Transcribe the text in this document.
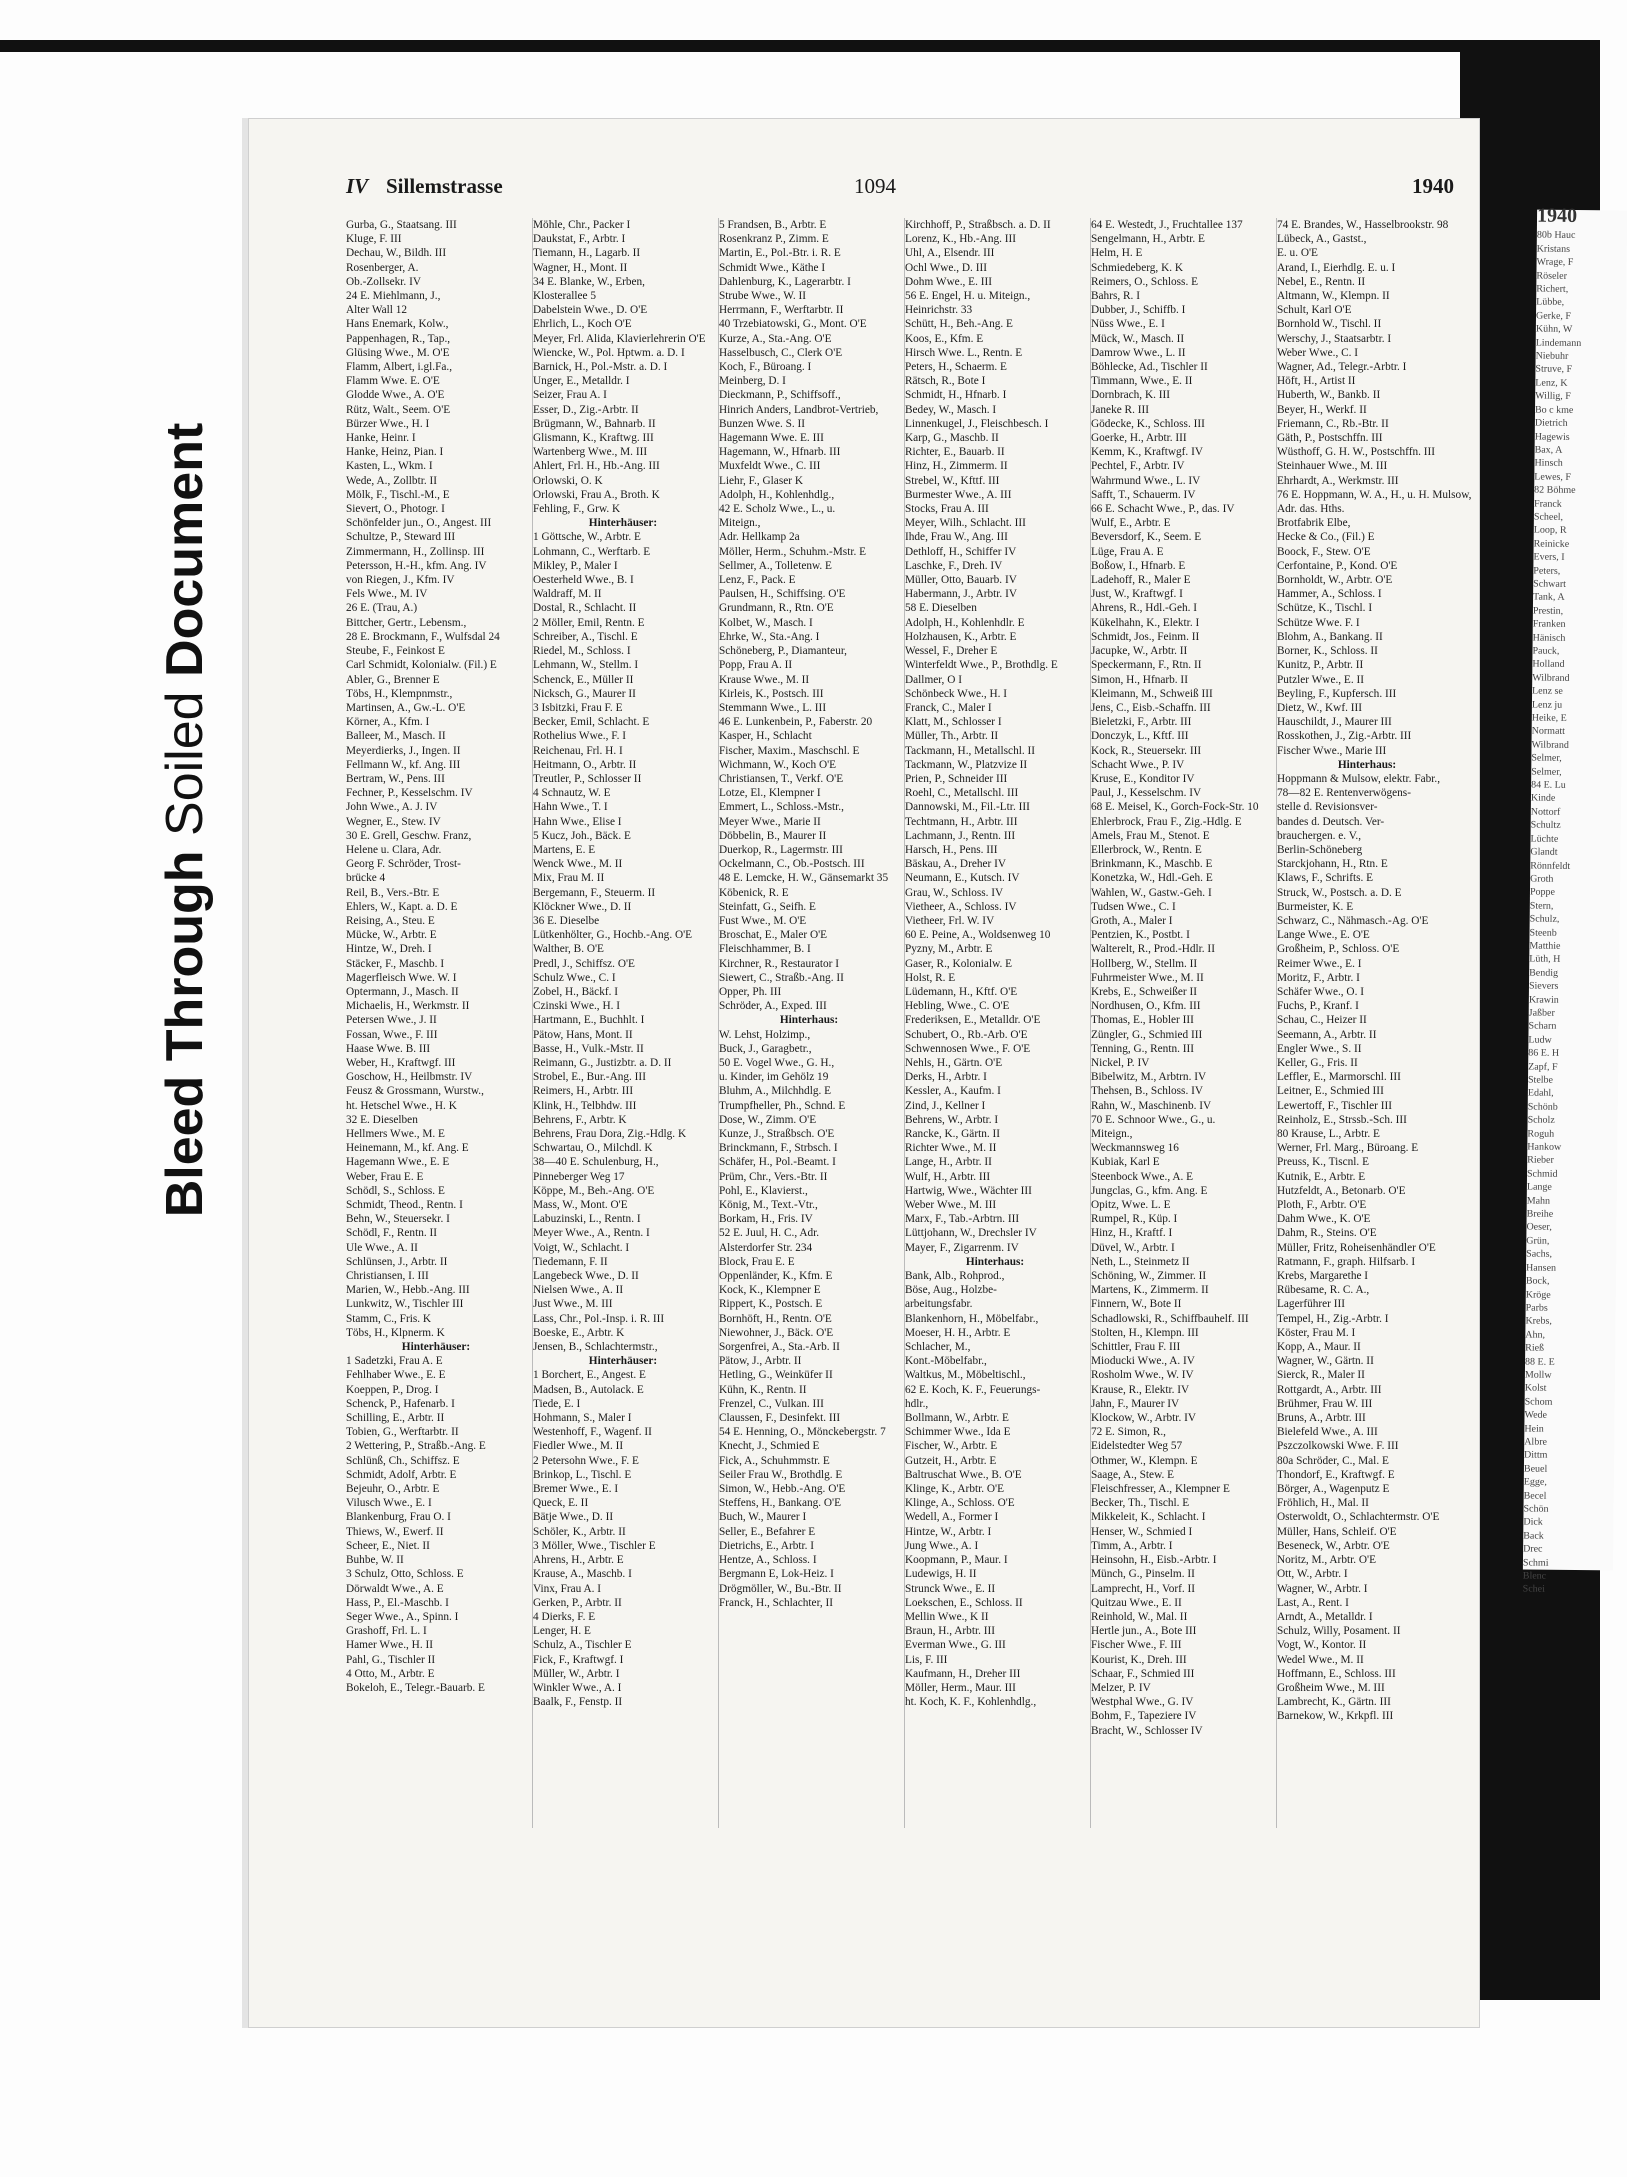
Bleed Through Soiled Document
IV Sillemstrasse	1094	1940
Gurba, G., Staatsang. III
Kluge, F. III
Dechau, W., Bildh. III
Rosenberger, A.
Ob.-Zollsekr. IV
24 E. Miehlmann, J.,
Alter Wall 12
Hans Enemark, Kolw.,
Pappenhagen, R., Tap.,
Glüsing Wwe., M. O'E
Flamm, Albert, i.gl.Fa.,
Flamm Wwe. E. O'E
Glodde Wwe., A. O'E
Rütz, Walt., Seem. O'E
Bürzer Wwe., H. I
Hanke, Heinr. I
Hanke, Heinz, Pian. I
Kasten, L., Wkm. I
Wede, A., Zollbtr. II
Mölk, F., Tischl.-M., E
Sievert, O., Photogr. I
Schönfelder jun., O., Angest. III
Schultze, P., Steward III
Zimmermann, H., Zollinsp. III
Petersson, H.-H., kfm. Ang. IV
von Riegen, J., Kfm. IV
Fels Wwe., M. IV
26 E. (Trau, A.)
Bittcher, Gertr., Lebensm.,
28 E. Brockmann, F., Wulfsdal 24
Steube, F., Feinkost E
Carl Schmidt, Kolonialw. (Fil.) E
Abler, G., Brenner E
Töbs, H., Klempnmstr.,
Martinsen, A., Gw.-L. O'E
Körner, A., Kfm. I
Balleer, M., Masch. II
Meyerdierks, J., Ingen. II
Fellmann W., kf. Ang. III
Bertram, W., Pens. III
Fechner, P., Kesselschm. IV
John Wwe., A. J. IV
Wegner, E., Stew. IV
30 E. Grell, Geschw. Franz,
Helene u. Clara, Adr.
Georg F. Schröder, Trost-
brücke 4
Reil, B., Vers.-Btr. E
Ehlers, W., Kapt. a. D. E
Reising, A., Steu. E
Mücke, W., Arbtr. E
Hintze, W., Dreh. I
Stäcker, F., Maschb. I
Magerfleisch Wwe. W. I
Optermann, J., Masch. II
Michaelis, H., Werkmstr. II
Petersen Wwe., J. II
Fossan, Wwe., F. III
Haase Wwe. B. III
Weber, H., Kraftwgf. III
Goschow, H., Heilbmstr. IV
Feusz & Grossmann, Wurstw.,
ht. Hetschel Wwe., H. K
32 E. Dieselben
Hellmers Wwe., M. E
Heinemann, M., kf. Ang. E
Hagemann Wwe., E. E
Weber, Frau E. E
Schödl, S., Schloss. E
Schmidt, Theod., Rentn. I
Behn, W., Steuersekr. I
Schödl, F., Rentn. II
Ule Wwe., A. II
Schlünsen, J., Arbtr. II
Christiansen, I. III
Marien, W., Hebb.-Ang. III
Lunkwitz, W., Tischler III
Stamm, C., Fris. K
Töbs, H., Klpnerm. K
Hinterhäuser:
1 Sadetzki, Frau A. E
Fehlhaber Wwe., E. E
Koeppen, P., Drog. I
Schenck, P., Hafenarb. I
Schilling, E., Arbtr. II
Tobien, G., Werftarbtr. II
2 Wettering, P., Straßb.-Ang. E
Schlünß, Ch., Schiffsz. E
Schmidt, Adolf, Arbtr. E
Bejeuhr, O., Arbtr. E
Vilusch Wwe., E. I
Blankenburg, Frau O. I
Thiews, W., Ewerf. II
Scheer, E., Niet. II
Buhbe, W. II
3 Schulz, Otto, Schloss. E
Dörwaldt Wwe., A. E
Hass, P., El.-Maschb. I
Seger Wwe., A., Spinn. I
Grashoff, Frl. L. I
Hamer Wwe., H. II
Pahl, G., Tischler II
4 Otto, M., Arbtr. E
Bokeloh, E., Telegr.-Bauarb. E
Möhle, Chr., Packer I
Daukstat, F., Arbtr. I
Tiemann, H., Lagarb. II
Wagner, H., Mont. II
34 E. Blanke, W., Erben,
Klosterallee 5
Dabelstein Wwe., D. O'E
Ehrlich, L., Koch O'E
Meyer, Frl. Alida, Klavierlehrerin O'E
Wiencke, W., Pol. Hptwm. a. D. I
Barnick, H., Pol.-Mstr. a. D. I
Unger, E., Metalldr. I
Seizer, Frau A. I
Esser, D., Zig.-Arbtr. II
Brügmann, W., Bahnarb. II
Glismann, K., Kraftwg. III
Wartenberg Wwe., M. III
Ahlert, Frl. H., Hb.-Ang. III
Orlowski, O. K
Orlowski, Frau A., Broth. K
Fehling, F., Grw. K
Hinterhäuser:
1 Göttsche, W., Arbtr. E
Lohmann, C., Werftarb. E
Mikley, P., Maler I
Oesterheld Wwe., B. I
Waldraff, M. II
Dostal, R., Schlacht. II
2 Möller, Emil, Rentn. E
Schreiber, A., Tischl. E
Riedel, M., Schloss. I
Lehmann, W., Stellm. I
Schenck, E., Müller II
Nicksch, G., Maurer II
3 Isbitzki, Frau F. E
Becker, Emil, Schlacht. E
Rothelius Wwe., F. I
Reichenau, Frl. H. I
Heitmann, O., Arbtr. II
Treutler, P., Schlosser II
4 Schnautz, W. E
Hahn Wwe., T. I
Hahn Wwe., Elise I
5 Kucz, Joh., Bäck. E
Martens, E. E
Wenck Wwe., M. II
Mix, Frau M. II
Bergemann, F., Steuerm. II
Klöckner Wwe., D. II
36 E. Dieselbe
Lütkenhölter, G., Hochb.-Ang. O'E
Walther, B. O'E
Predl, J., Schiffsz. O'E
Schulz Wwe., C. I
Zobel, H., Bäckf. I
Czinski Wwe., H. I
Hartmann, E., Buchhlt. I
Pätow, Hans, Mont. II
Basse, H., Vulk.-Mstr. II
Reimann, G., Justizbtr. a. D. II
Strobel, E., Bur.-Ang. III
Reimers, H., Arbtr. III
Klink, H., Telbhdw. III
Behrens, F., Arbtr. K
Behrens, Frau Dora, Zig.-Hdlg. K
Schwartau, O., Milchdl. K
38—40 E. Schulenburg, H.,
Pinneberger Weg 17
Köppe, M., Beh.-Ang. O'E
Mass, W., Mont. O'E
Labuzinski, L., Rentn. I
Meyer Wwe., A., Rentn. I
Voigt, W., Schlacht. I
Tiedemann, F. II
Langebeck Wwe., D. II
Nielsen Wwe., A. II
Just Wwe., M. III
Lass, Chr., Pol.-Insp. i. R. III
Boeske, E., Arbtr. K
Jensen, B., Schlachtermstr.,
Hinterhäuser:
1 Borchert, E., Angest. E
Madsen, B., Autolack. E
Tiede, E. I
Hohmann, S., Maler I
Westenhoff, F., Wagenf. II
Fiedler Wwe., M. II
2 Petersohn Wwe., F. E
Brinkop, L., Tischl. E
Bremer Wwe., E. I
Queck, E. II
Bätje Wwe., D. II
Schöler, K., Arbtr. II
3 Möller, Wwe., Tischler E
Ahrens, H., Arbtr. E
Krause, A., Maschb. I
Vinx, Frau A. I
Gerken, P., Arbtr. II
4 Dierks, F. E
Lenger, H. E
Schulz, A., Tischler E
Fick, F., Kraftwgf. I
Müller, W., Arbtr. I
Winkler Wwe., A. I
Baalk, F., Fenstp. II
5 Frandsen, B., Arbtr. E
Rosenkranz P., Zimm. E
Martin, E., Pol.-Btr. i. R. E
Schmidt Wwe., Käthe I
Dahlenburg, K., Lagerarbtr. I
Strube Wwe., W. II
Herrmann, F., Werftarbtr. II
40 Trzebiatowski, G., Mont. O'E
Kurze, A., Sta.-Ang. O'E
Hasselbusch, C., Clerk O'E
Koch, F., Büroang. I
Meinberg, D. I
Dieckmann, P., Schiffsoff.,
Hinrich Anders, Landbrot-Vertrieb,
Bunzen Wwe. S. II
Hagemann Wwe. E. III
Hagemann, W., Hfnarb. III
Muxfeldt Wwe., C. III
Liehr, F., Glaser K
Adolph, H., Kohlenhdlg.,
42 E. Scholz Wwe., L., u.
Miteign.,
Adr. Hellkamp 2a
Möller, Herm., Schuhm.-Mstr. E
Sellmer, A., Tolletenw. E
Lenz, F., Pack. E
Paulsen, H., Schiffsing. O'E
Grundmann, R., Rtn. O'E
Kolbet, W., Masch. I
Ehrke, W., Sta.-Ang. I
Schöneberg, P., Diamanteur,
Popp, Frau A. II
Krause Wwe., M. II
Kirleis, K., Postsch. III
Stemmann Wwe., L. III
46 E. Lunkenbein, P., Faberstr. 20
Kasper, H., Schlacht
Fischer, Maxim., Maschschl. E
Wichmann, W., Koch O'E
Christiansen, T., Verkf. O'E
Lotze, El., Klempner I
Emmert, L., Schloss.-Mstr.,
Meyer Wwe., Marie II
Döbbelin, B., Maurer II
Duerkop, R., Lagermstr. III
Ockelmann, C., Ob.-Postsch. III
48 E. Lemcke, H. W., Gänsemarkt 35
Köbenick, R. E
Steinfatt, G., Seifh. E
Fust Wwe., M. O'E
Broschat, E., Maler O'E
Fleischhammer, B. I
Kirchner, R., Restaurator I
Siewert, C., Straßb.-Ang. II
Opper, Ph. III
Schröder, A., Exped. III
Hinterhaus:
W. Lehst, Holzimp.,
Buck, J., Garagbetr.,
50 E. Vogel Wwe., G. H.,
u. Kinder, im Gehölz 19
Bluhm, A., Milchhdlg. E
Trumpfheller, Ph., Schnd. E
Dose, W., Zimm. O'E
Kunze, J., Straßbsch. O'E
Brinckmann, F., Strbsch. I
Schäfer, H., Pol.-Beamt. I
Prüm, Chr., Vers.-Btr. II
Pohl, E., Klavierst.,
König, M., Text.-Vtr.,
Borkam, H., Fris. IV
52 E. Juul, H. C., Adr.
Alsterdorfer Str. 234
Block, Frau E. E
Oppenländer, K., Kfm. E
Kock, K., Klempner E
Rippert, K., Postsch. E
Bornhöft, H., Rentn. O'E
Niewohner, J., Bäck. O'E
Sorgenfrei, A., Sta.-Arb. II
Pätow, J., Arbtr. II
Hetling, G., Weinküfer II
Kühn, K., Rentn. II
Frenzel, C., Vulkan. III
Claussen, F., Desinfekt. III
54 E. Henning, O., Mönckebergstr. 7
Knecht, J., Schmied E
Fick, A., Schuhmmstr. E
Seiler Frau W., Brothdlg. E
Simon, W., Hebb.-Ang. O'E
Steffens, H., Bankang. O'E
Buch, W., Maurer I
Seller, E., Befahrer E
Dietrichs, E., Arbtr. I
Hentze, A., Schloss. I
Bergmann E, Lok-Heiz. I
Drögmöller, W., Bu.-Btr. II
Franck, H., Schlachter, II
Kirchhoff, P., Straßbsch. a. D. II
Lorenz, K., Hb.-Ang. III
Uhl, A., Elsendr. III
Ochl Wwe., D. III
Dohm Wwe., E. III
56 E. Engel, H. u. Miteign.,
Heinrichstr. 33
Schütt, H., Beh.-Ang. E
Koos, E., Kfm. E
Hirsch Wwe. L., Rentn. E
Peters, H., Schaerm. E
Rätsch, R., Bote I
Schmidt, H., Hfnarb. I
Bedey, W., Masch. I
Linnenkugel, J., Fleischbesch. I
Karp, G., Maschb. II
Richter, E., Bauarb. II
Hinz, H., Zimmerm. II
Strebel, W., Kfttf. III
Burmester Wwe., A. III
Stocks, Frau A. III
Meyer, Wilh., Schlacht. III
Ihde, Frau W., Ang. III
Dethloff, H., Schiffer IV
Laschke, F., Dreh. IV
Müller, Otto, Bauarb. IV
Habermann, J., Arbtr. IV
58 E. Dieselben
Adolph, H., Kohlenhdlr. E
Holzhausen, K., Arbtr. E
Wessel, F., Dreher E
Winterfeldt Wwe., P., Brothdlg. E
Dallmer, O I
Schönbeck Wwe., H. I
Franck, C., Maler I
Klatt, M., Schlosser I
Müller, Th., Arbtr. II
Tackmann, H., Metallschl. II
Tackmann, W., Platzvize II
Prien, P., Schneider III
Roehl, C., Metallschl. III
Dannowski, M., Fil.-Ltr. III
Techtmann, H., Arbtr. III
Lachmann, J., Rentn. III
Harsch, H., Pens. III
Bäskau, A., Dreher IV
Neumann, E., Kutsch. IV
Grau, W., Schloss. IV
Vietheer, A., Schloss. IV
Vietheer, Frl. W. IV
60 E. Peine, A., Woldsenweg 10
Pyzny, M., Arbtr. E
Gaser, R., Kolonialw. E
Holst, R. E
Lüdemann, H., Kftf. O'E
Hebling, Wwe., C. O'E
Frederiksen, E., Metalldr. O'E
Schubert, O., Rb.-Arb. O'E
Schwennosen Wwe., F. O'E
Nehls, H., Gärtn. O'E
Derks, H., Arbtr. I
Kessler, A., Kaufm. I
Zind, J., Kellner I
Behrens, W., Arbtr. I
Rancke, K., Gärtn. II
Richter Wwe., M. II
Lange, H., Arbtr. II
Wulf, H., Arbtr. III
Hartwig, Wwe., Wächter III
Weber Wwe., M. III
Marx, F., Tab.-Arbtrn. III
Lüttjohann, W., Drechsler IV
Mayer, F., Zigarrenm. IV
Hinterhaus:
Bank, Alb., Rohprod.,
Böse, Aug., Holzbe-
arbeitungsfabr.
Blankenhorn, H., Möbelfabr.,
Moeser, H. H., Arbtr. E
Schlacher, M.,
Kont.-Möbelfabr.,
Waltkus, M., Möbeltischl.,
62 E. Koch, K. F., Feuerungs-
hdlr.,
Bollmann, W., Arbtr. E
Schimmer Wwe., Ida E
Fischer, W., Arbtr. E
Gutzeit, H., Arbtr. E
Baltruschat Wwe., B. O'E
Klinge, K., Arbtr. O'E
Klinge, A., Schloss. O'E
Wedell, A., Former I
Hintze, W., Arbtr. I
Jung Wwe., A. I
Koopmann, P., Maur. I
Ludewigs, H. II
Strunck Wwe., E. II
Loekschen, E., Schloss. II
Mellin Wwe., K II
Braun, H., Arbtr. III
Everman Wwe., G. III
Lis, F. III
Kaufmann, H., Dreher III
Möller, Herm., Maur. III
ht. Koch, K. F., Kohlenhdlg.,
64 E. Westedt, J., Fruchtallee 137
Sengelmann, H., Arbtr. E
Helm, H. E
Schmiedeberg, K. K
Reimers, O., Schloss. E
Bahrs, R. I
Dubber, J., Schiffb. I
Nüss Wwe., E. I
Mück, W., Masch. II
Damrow Wwe., L. II
Böhlecke, Ad., Tischler II
Timmann, Wwe., E. II
Dornbrach, K. III
Janeke R. III
Gödecke, K., Schloss. III
Goerke, H., Arbtr. III
Kemm, K., Kraftwgf. IV
Pechtel, F., Arbtr. IV
Wahrmund Wwe., L. IV
Safft, T., Schauerm. IV
66 E. Schacht Wwe., P., das. IV
Wulf, E., Arbtr. E
Beversdorf, K., Seem. E
Lüge, Frau A. E
Boßow, I., Hfnarb. E
Ladehoff, R., Maler E
Just, W., Kraftwgf. I
Ahrens, R., Hdl.-Geh. I
Kükelhahn, K., Elektr. I
Schmidt, Jos., Feinm. II
Jacupke, W., Arbtr. II
Speckermann, F., Rtn. II
Simon, H., Hfnarb. II
Kleimann, M., Schweiß III
Jens, C., Eisb.-Schaffn. III
Bieletzki, F., Arbtr. III
Donczyk, L., Kftf. III
Kock, R., Steuersekr. III
Schacht Wwe., P. IV
Kruse, E., Konditor IV
Paul, J., Kesselschm. IV
68 E. Meisel, K., Gorch-Fock-Str. 10
Ehlerbrock, Frau F., Zig.-Hdlg. E
Amels, Frau M., Stenot. E
Ellerbrock, W., Rentn. E
Brinkmann, K., Maschb. E
Konetzka, W., Hdl.-Geh. E
Wahlen, W., Gastw.-Geh. I
Tudsen Wwe., C. I
Groth, A., Maler I
Pentzien, K., Postbt. I
Walterelt, R., Prod.-Hdlr. II
Hollberg, W., Stellm. II
Fuhrmeister Wwe., M. II
Krebs, E., Schweißer II
Nordhusen, O., Kfm. III
Thomas, E., Hobler III
Züngler, G., Schmied III
Tenning, G., Rentn. III
Nickel, P. IV
Bibelwitz, M., Arbtrn. IV
Thehsen, B., Schloss. IV
Rahn, W., Maschinenb. IV
70 E. Schnoor Wwe., G., u.
Miteign.,
Weckmannsweg 16
Kubiak, Karl E
Steenbock Wwe., A. E
Jungclas, G., kfm. Ang. E
Opitz, Wwe. L. E
Rumpel, R., Küp. I
Hinz, H., Kraftf. I
Düvel, W., Arbtr. I
Neth, L., Steinmetz II
Schöning, W., Zimmer. II
Martens, K., Zimmerm. II
Finnern, W., Bote II
Schadlowski, R., Schiffbauhelf. III
Stolten, H., Klempn. III
Schittler, Frau F. III
Mioducki Wwe., A. IV
Rosholm Wwe., W. IV
Krause, R., Elektr. IV
Jahn, F., Maurer IV
Klockow, W., Arbtr. IV
72 E. Simon, R.,
Eidelstedter Weg 57
Othmer, W., Klempn. E
Saage, A., Stew. E
Fleischfresser, A., Klempner E
Becker, Th., Tischl. E
Mikkeleit, K., Schlacht. I
Henser, W., Schmied I
Timm, A., Arbtr. I
Heinsohn, H., Eisb.-Arbtr. I
Münch, G., Pinselm. II
Lamprecht, H., Vorf. II
Quitzau Wwe., E. II
Reinhold, W., Mal. II
Hertle jun., A., Bote III
Fischer Wwe., F. III
Kourist, K., Dreh. III
Schaar, F., Schmied III
Melzer, P. IV
Westphal Wwe., G. IV
Bohm, F., Tapeziere IV
Bracht, W., Schlosser IV
74 E. Brandes, W., Hasselbrookstr. 98
Lübeck, A., Gastst.,
E. u. O'E
Arand, I., Eierhdlg. E. u. I
Nebel, E., Rentn. II
Altmann, W., Klempn. II
Schult, Karl O'E
Bornhold W., Tischl. II
Werschy, J., Staatsarbtr. I
Weber Wwe., C. I
Wagner, Ad., Telegr.-Arbtr. I
Höft, H., Artist II
Huberth, W., Bankb. II
Beyer, H., Werkf. II
Friemann, C., Rb.-Btr. II
Gäth, P., Postschffn. III
Wüsthoff, G. H. W., Postschffn. III
Steinhauer Wwe., M. III
Ehrhardt, A., Werkmstr. III
76 E. Hoppmann, W. A., H., u. H. Mulsow,
Adr. das. Hths.
Brotfabrik Elbe,
Hecke & Co., (Fil.) E
Boock, F., Stew. O'E
Cerfontaine, P., Kond. O'E
Bornholdt, W., Arbtr. O'E
Hammer, A., Schloss. I
Schütze, K., Tischl. I
Schütze Wwe. F. I
Blohm, A., Bankang. II
Borner, K., Schloss. II
Kunitz, P., Arbtr. II
Putzler Wwe., E. II
Beyling, F., Kupfersch. III
Dietz, W., Kwf. III
Hauschildt, J., Maurer III
Rosskothen, J., Zig.-Arbtr. III
Fischer Wwe., Marie III
Hinterhaus:
Hoppmann & Mulsow, elektr. Fabr.,
78—82 E. Rentenverwögens-
stelle d. Revisionsver-
bandes d. Deutsch. Ver-
brauchergen. e. V.,
Berlin-Schöneberg
Starckjohann, H., Rtn. E
Klaws, F., Schrifts. E
Struck, W., Postsch. a. D. E
Burmeister, K. E
Schwarz, C., Nähmasch.-Ag. O'E
Lange Wwe., E. O'E
Großheim, P., Schloss. O'E
Reimer Wwe., E. I
Moritz, F., Arbtr. I
Schäfer Wwe., O. I
Fuchs, P., Kranf. I
Schau, C., Heizer II
Seemann, A., Arbtr. II
Engler Wwe., S. II
Keller, G., Fris. II
Leffler, E., Marmorschl. III
Leitner, E., Schmied III
Lewertoff, F., Tischler III
Reinholz, E., Strssb.-Sch. III
80 Krause, L., Arbtr. E
Werner, Frl. Marg., Büroang. E
Preuss, K., Tiscnl. E
Kutnik, E., Arbtr. E
Hutzfeldt, A., Betonarb. O'E
Ploth, F., Arbtr. O'E
Dahm Wwe., K. O'E
Dahm, R., Steins. O'E
Müller, Fritz, Roheisenhändler O'E
Ratmann, F., graph. Hilfsarb. I
Krebs, Margarethe I
Rübesame, R. C. A.,
Lagerführer III
Tempel, H., Zig.-Arbtr. I
Köster, Frau M. I
Kopp, A., Maur. II
Wagner, W., Gärtn. II
Sierck, R., Maler II
Rottgardt, A., Arbtr. III
Brühmer, Frau W. III
Bruns, A., Arbtr. III
Bielefeld Wwe., A. III
Pszczolkowski Wwe. F. III
80a Schröder, C., Mal. E
Thondorf, E., Kraftwgf. E
Börger, A., Wagenputz E
Fröhlich, H., Mal. II
Osterwoldt, O., Schlachtermstr. O'E
Müller, Hans, Schleif. O'E
Beseneck, W., Arbtr. O'E
Noritz, M., Arbtr. O'E
Ott, W., Arbtr. I
Wagner, W., Arbtr. I
Last, A., Rent. I
Arndt, A., Metalldr. I
Schulz, Willy, Posament. II
Vogt, W., Kontor. II
Wedel Wwe., M. II
Hoffmann, E., Schloss. III
Großheim Wwe., M. III
Lambrecht, K., Gärtn. III
Barnekow, W., Krkpfl. III
1940
80b Hauc
Kristans
Wrage, F
Röseler
Richert,
Lübbe,
Gerke, F
Kühn, W
Lindemann
Niebuhr
Struve, F
Lenz, K
Willig, F
Bo c kme
Dietrich
Hagewis
Bax, A
Hinsch
Lewes, F
82 Böhme
Franck
Scheel,
Loop, R
Reinicke
Evers, I
Peters,
Schwart
Tank, A
Prestin,
Franken
Hänisch
Pauck,
Holland
Wilbrand
Lenz se
Lenz ju
Heike, E
Normatt
Wilbrand
Selmer,
Selmer,
84 E. Lu
Kinde
Nottorf
Schultz
Lüchte
Glandt
Rönnfeldt
Groth
Poppe
Stern,
Schulz,
Steenb
Matthie
Lüth, H
Bendig
Sievers
Krawin
Jaßber
Scharn
Ludw
86 E. H
Zapf, F
Stelbe
Edahl,
Schönb
Scholz
Roguh
Hankow
Rieber
Schmid
Lange
Mahn
Breihe
Oeser,
Grün,
Sachs,
Hansen
Bock,
Kröge
Parbs
Krebs,
Ahn,
Rieß
88 E. E
Mollw
Kolst
Schom
Wede
Hein
Albre
Dittm
Beuel
Egge,
Becel
Schön
Dick
Back
Drec
Schmi
Blenc
Schei
